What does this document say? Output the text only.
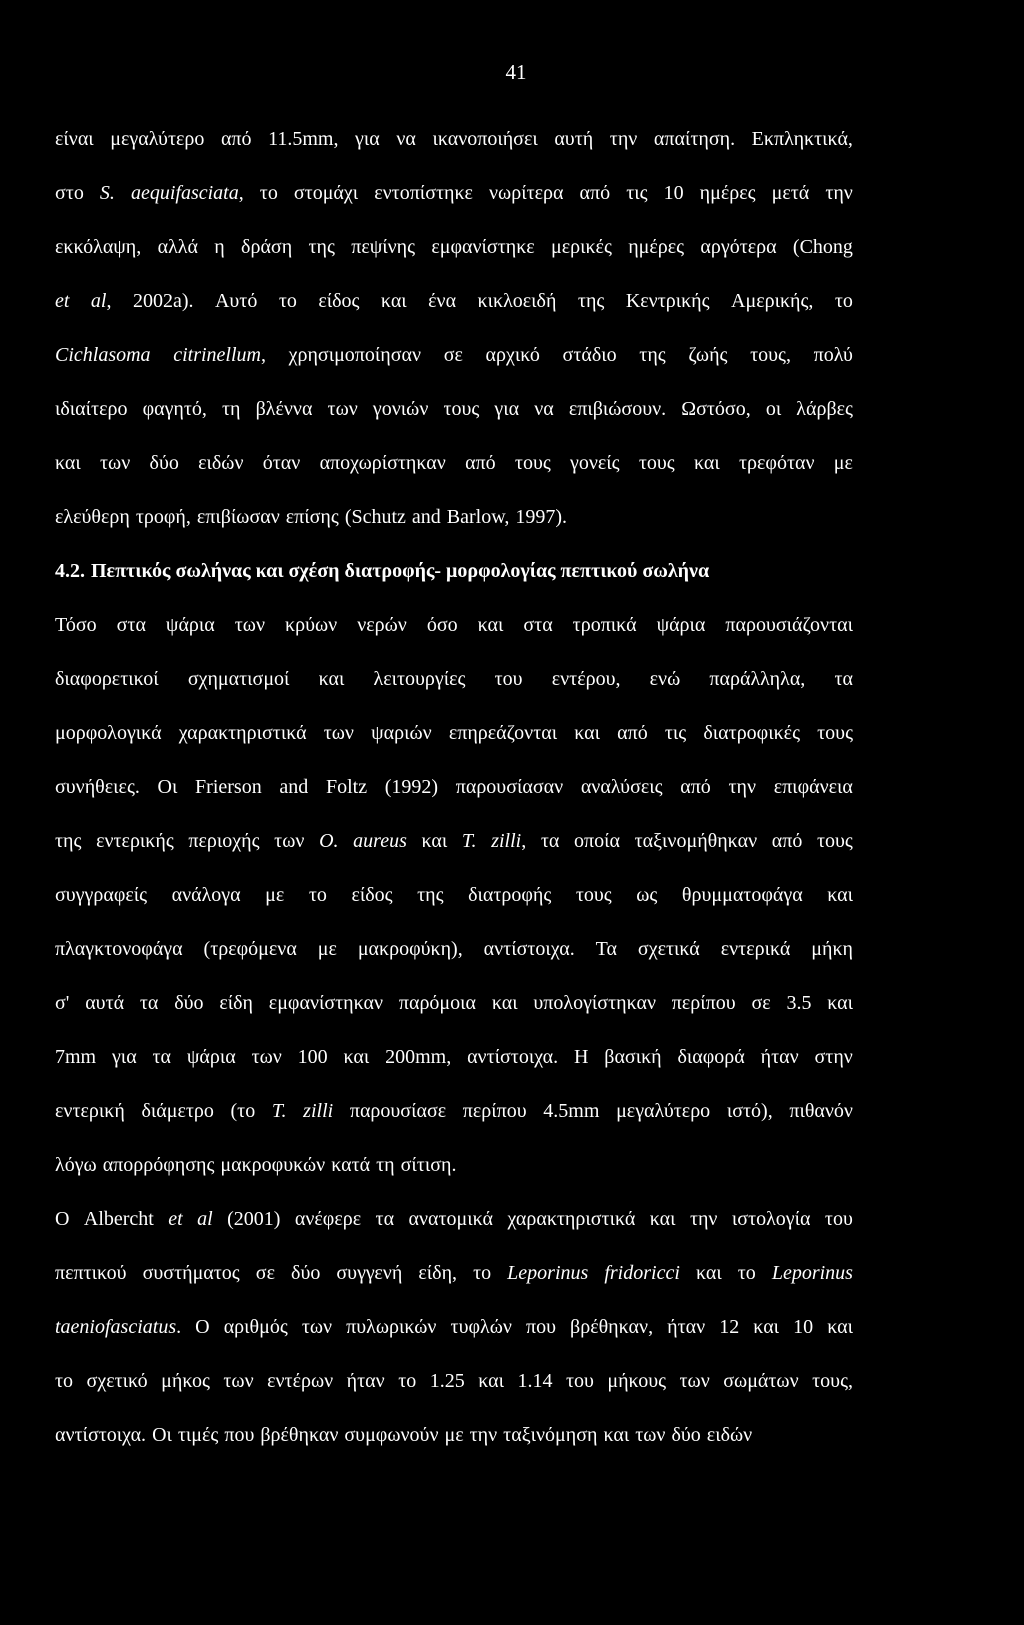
41
είναι μεγαλύτερο από 11.5mm, για να ικανοποιήσει αυτή την απαίτηση. Εκπληκτικά,
στο S. aequifasciata, το στομάχι εντοπίστηκε νωρίτερα από τις 10 ημέρες μετά την
εκκόλαψη, αλλά η δράση της πεψίνης εμφανίστηκε μερικές ημέρες αργότερα (Chong
et al, 2002a). Αυτό το είδος και ένα κικλοειδή της Κεντρικής Αμερικής, το
Cichlasoma citrinellum, χρησιμοποίησαν σε αρχικό στάδιο της ζωής τους, πολύ
ιδιαίτερο φαγητό, τη βλέννα των γονιών τους για να επιβιώσουν. Ωστόσο, οι λάρβες
και των δύο ειδών όταν αποχωρίστηκαν από τους γονείς τους και τρεφόταν με
ελεύθερη τροφή, επιβίωσαν επίσης (Schutz and Barlow, 1997).
4.2. Πεπτικός σωλήνας και σχέση διατροφής- μορφολογίας πεπτικού σωλήνα
Τόσο στα ψάρια των κρύων νερών όσο και στα τροπικά ψάρια παρουσιάζονται
διαφορετικοί σχηματισμοί και λειτουργίες του εντέρου, ενώ παράλληλα, τα
μορφολογικά χαρακτηριστικά των ψαριών επηρεάζονται και από τις διατροφικές τους
συνήθειες. Οι Frierson and Foltz (1992) παρουσίασαν αναλύσεις από την επιφάνεια
της εντερικής περιοχής των O. aureus και T. zilli, τα οποία ταξινομήθηκαν από τους
συγγραφείς ανάλογα με το είδος της διατροφής τους ως θρυμματοφάγα και
πλαγκτονοφάγα (τρεφόμενα με μακροφύκη), αντίστοιχα. Τα σχετικά εντερικά μήκη
σ' αυτά τα δύο είδη εμφανίστηκαν παρόμοια και υπολογίστηκαν περίπου σε 3.5 και
7mm για τα ψάρια των 100 και 200mm, αντίστοιχα. Η βασική διαφορά ήταν στην
εντερική διάμετρο (το T. zilli παρουσίασε περίπου 4.5mm μεγαλύτερο ιστό), πιθανόν
λόγω απορρόφησης μακροφυκών κατά τη σίτιση.
Ο Albercht et al (2001) ανέφερε τα ανατομικά χαρακτηριστικά και την ιστολογία του
πεπτικού συστήματος σε δύο συγγενή είδη, το Leporinus fridoricci και το Leporinus
taeniofasciatus. Ο αριθμός των πυλωρικών τυφλών που βρέθηκαν, ήταν 12 και 10 και
το σχετικό μήκος των εντέρων ήταν το 1.25 και 1.14 του μήκους των σωμάτων τους,
αντίστοιχα. Οι τιμές που βρέθηκαν συμφωνούν με την ταξινόμηση και των δύο ειδών
